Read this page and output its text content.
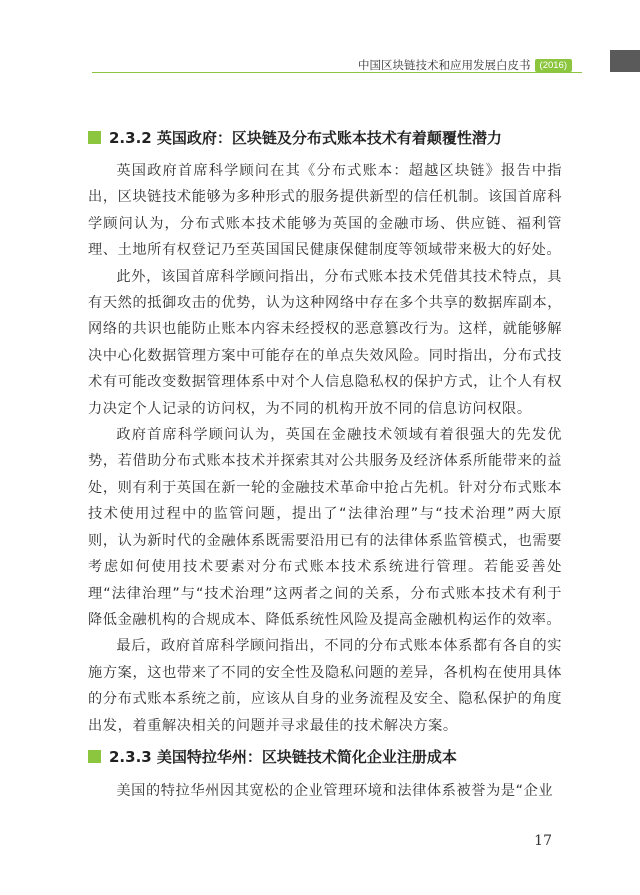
中国区块链技术和应用发展白皮书 (2016)
2.3.2 英国政府：区块链及分布式账本技术有着颠覆性潜力

英国政府首席科学顾问在其《分布式账本：超越区块链》报告中指出，区块链技术能够为多种形式的服务提供新型的信任机制。该国首席科学顾问认为，分布式账本技术能够为英国的金融市场、供应链、福利管理、土地所有权登记乃至英国国民健康保健制度等领域带来极大的好处。

此外，该国首席科学顾问指出，分布式账本技术凭借其技术特点，具有天然的抵御攻击的优势，认为这种网络中存在多个共享的数据库副本，网络的共识也能防止账本内容未经授权的恶意篡改行为。这样，就能够解决中心化数据管理方案中可能存在的单点失效风险。同时指出，分布式技术有可能改变数据管理体系中对个人信息隐私权的保护方式，让个人有权力决定个人记录的访问权，为不同的机构开放不同的信息访问权限。

政府首席科学顾问认为，英国在金融技术领域有着很强大的先发优势，若借助分布式账本技术并探索其对公共服务及经济体系所能带来的益处，则有利于英国在新一轮的金融技术革命中抢占先机。针对分布式账本技术使用过程中的监管问题，提出了“法律治理”与“技术治理”两大原则，认为新时代的金融体系既需要沿用已有的法律体系监管模式，也需要考虑如何使用技术要素对分布式账本技术系统进行管理。若能妥善处理“法律治理”与“技术治理”这两者之间的关系，分布式账本技术有利于降低金融机构的合规成本、降低系统性风险及提高金融机构运作的效率。

最后，政府首席科学顾问指出，不同的分布式账本体系都有各自的实施方案，这也带来了不同的安全性及隐私问题的差异，各机构在使用具体的分布式账本系统之前，应该从自身的业务流程及安全、隐私保护的角度出发，着重解决相关的问题并寻求最佳的技术解决方案。

2.3.3 美国特拉华州：区块链技术简化企业注册成本

美国的特拉华州因其宽松的企业管理环境和法律体系被誉为是“企业

17
